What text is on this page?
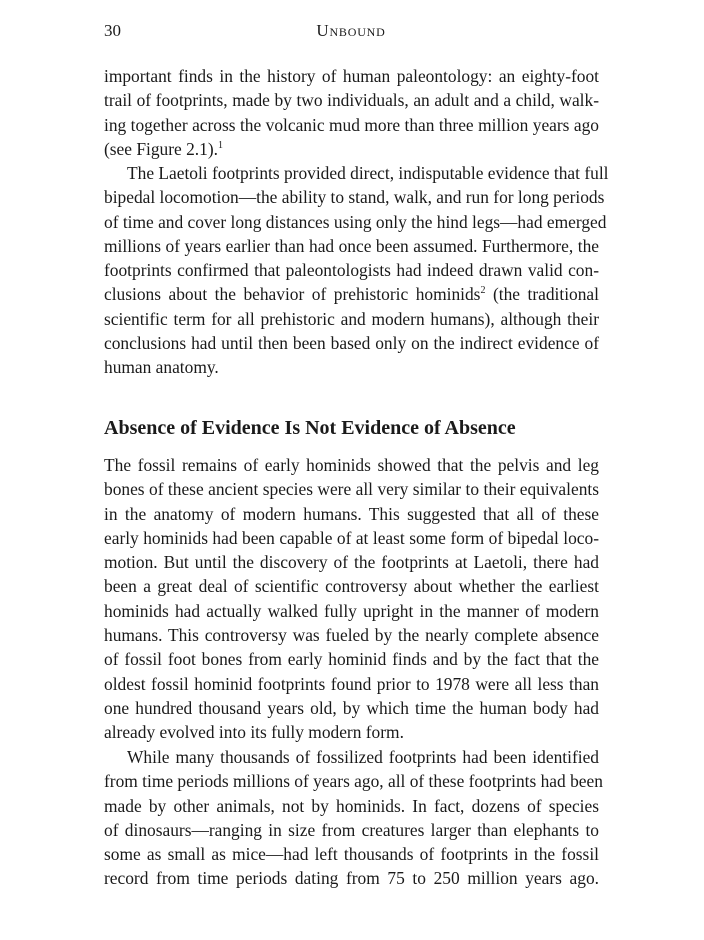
30	Unbound
important finds in the history of human paleontology: an eighty-foot
trail of footprints, made by two individuals, an adult and a child, walk-
ing together across the volcanic mud more than three million years ago
(see Figure 2.1).$^1$
The Laetoli footprints provided direct, indisputable evidence that full
bipedal locomotion—the ability to stand, walk, and run for long periods
of time and cover long distances using only the hind legs—had emerged
millions of years earlier than had once been assumed. Furthermore, the
footprints confirmed that paleontologists had indeed drawn valid con-
clusions about the behavior of prehistoric hominids$^2$ (the traditional
scientific term for all prehistoric and modern humans), although their
conclusions had until then been based only on the indirect evidence of
human anatomy.
Absence of Evidence Is Not Evidence of Absence
The fossil remains of early hominids showed that the pelvis and leg
bones of these ancient species were all very similar to their equivalents
in the anatomy of modern humans. This suggested that all of these
early hominids had been capable of at least some form of bipedal loco-
motion. But until the discovery of the footprints at Laetoli, there had
been a great deal of scientific controversy about whether the earliest
hominids had actually walked fully upright in the manner of modern
humans. This controversy was fueled by the nearly complete absence
of fossil foot bones from early hominid finds and by the fact that the
oldest fossil hominid footprints found prior to 1978 were all less than
one hundred thousand years old, by which time the human body had
already evolved into its fully modern form.
While many thousands of fossilized footprints had been identified
from time periods millions of years ago, all of these footprints had been
made by other animals, not by hominids. In fact, dozens of species
of dinosaurs—ranging in size from creatures larger than elephants to
some as small as mice—had left thousands of footprints in the fossil
record from time periods dating from 75 to 250 million years ago.
